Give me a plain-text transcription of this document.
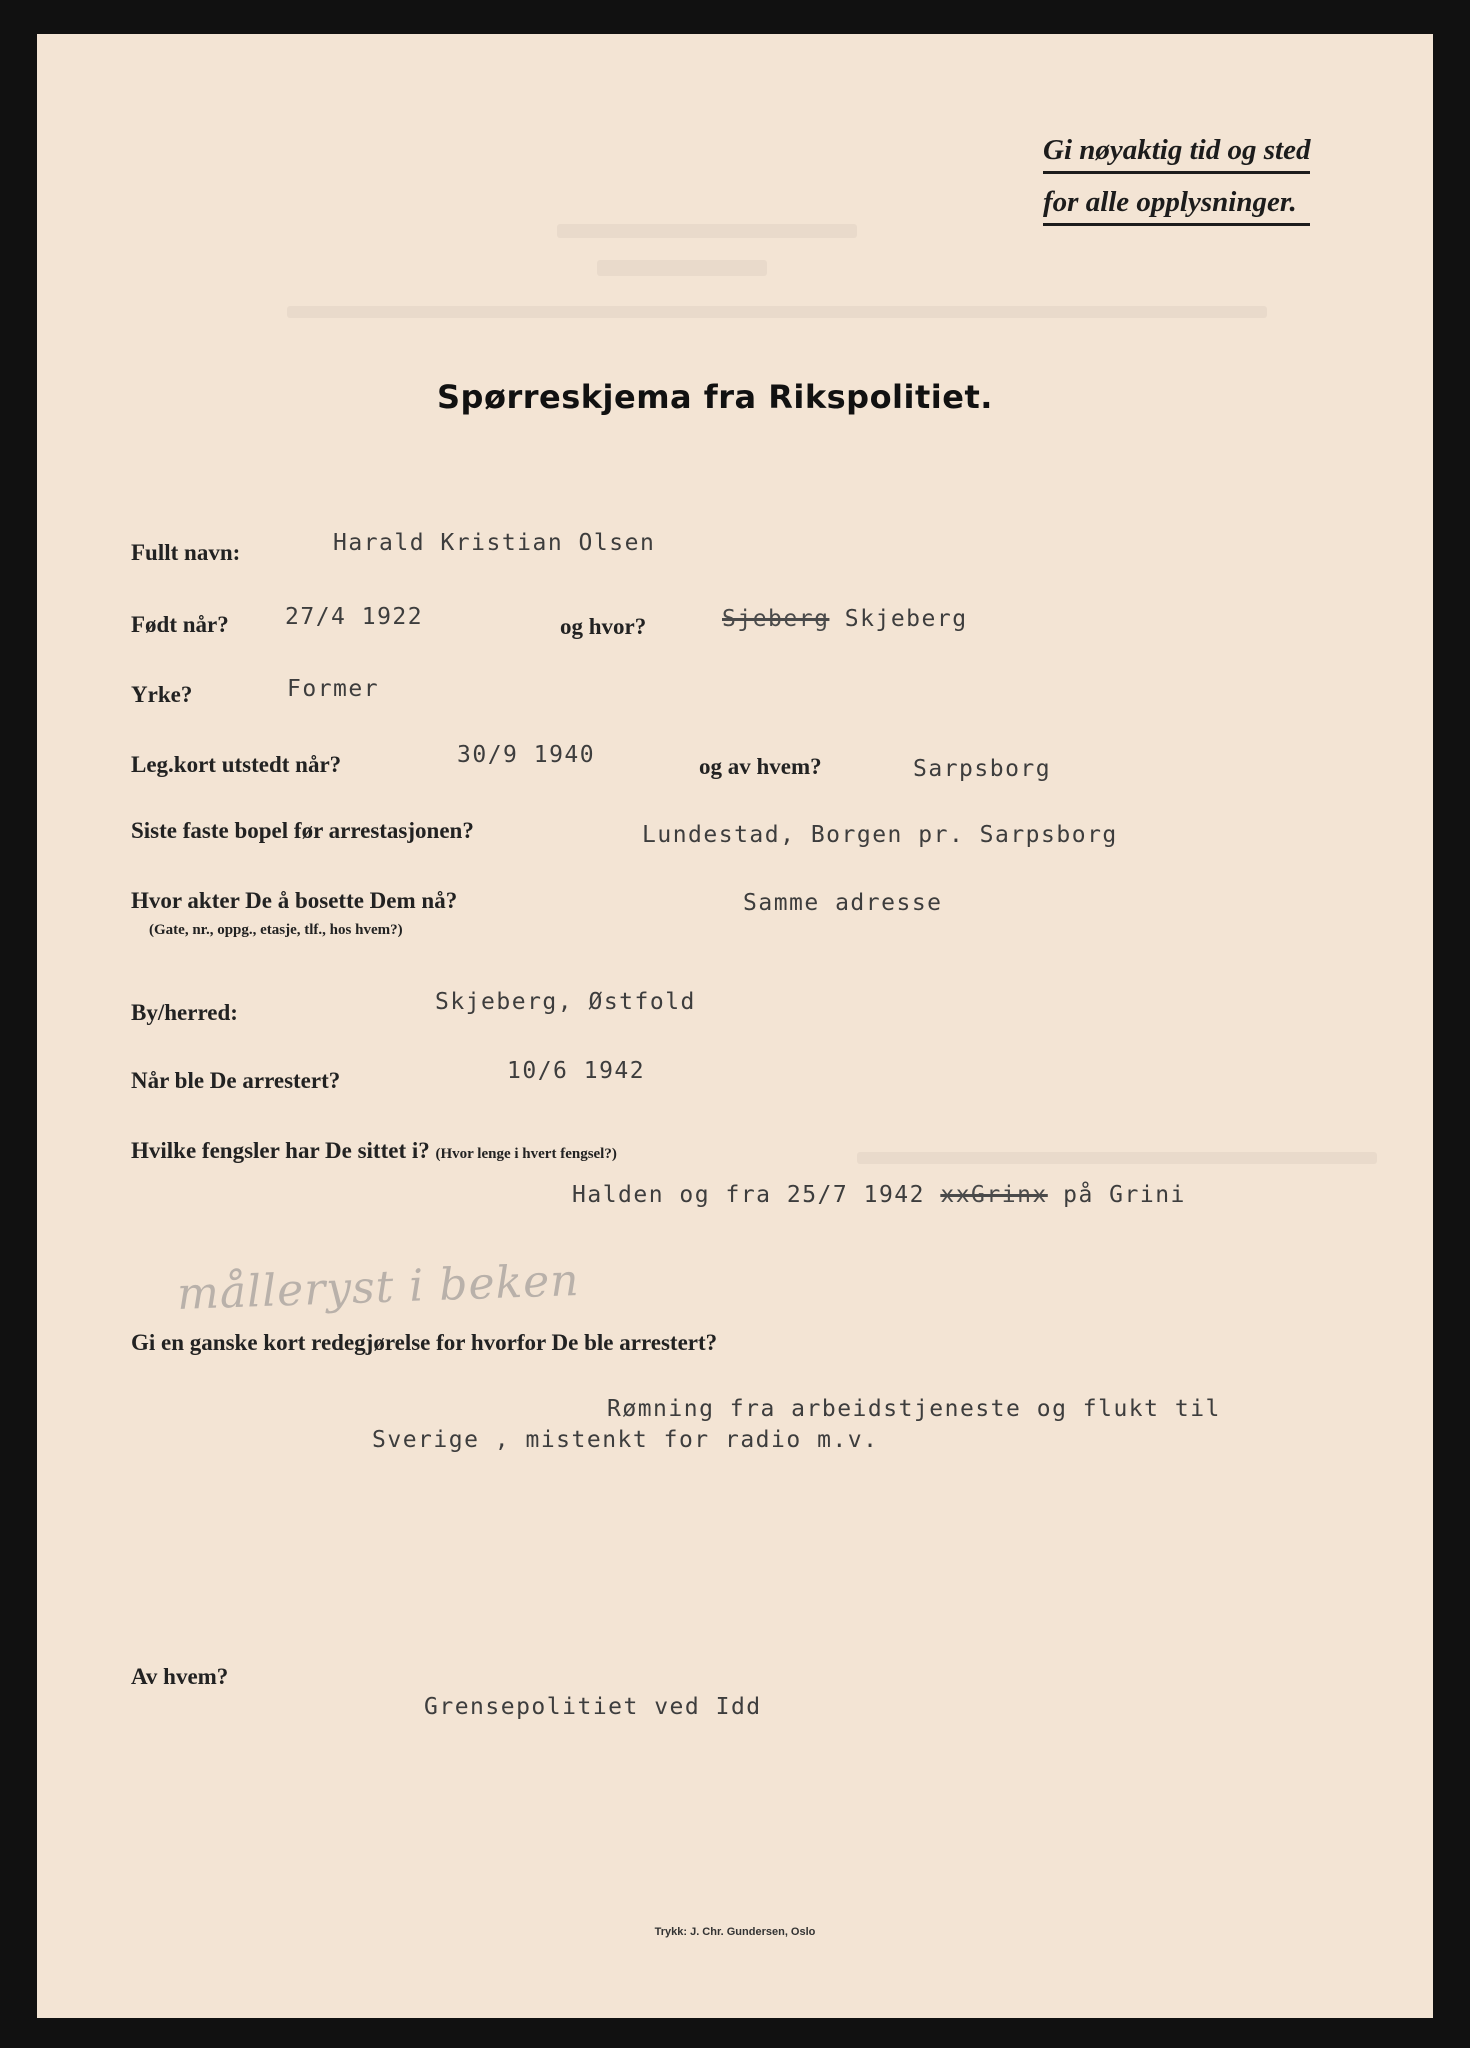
Gi nøyaktig tid og sted
for alle opplysninger.
Spørreskjema fra Rikspolitiet.
Fullt navn:	Harald Kristian Olsen
Født når? 27/4 1922	og hvor?	Sjeberg Skjeberg
Yrke?	Former
Leg.kort utstedt når?	30/9 1940	og av hvem?	Sarpsborg
Siste faste bopel før arrestasjonen?	Lundestad, Borgen pr. Sarpsborg
Hvor akter De å bosette Dem nå?
(Gate, nr., oppg., etasje, tlf., hos hvem?)
Samme adresse
By/herred:	Skjeberg, Østfold
Når ble De arrestert?	10/6 1942
Hvilke fengsler har De sittet i? (Hvor lenge i hvert fengsel?)
Halden og fra 25/7 1942 xxGrinx på Grini
målleryst i beken
Gi en ganske kort redegjørelse for hvorfor De ble arrestert?
Rømning fra arbeidstjeneste og flukt til
Sverige , mistenkt for radio m.v.
Av hvem?
Grensepolitiet ved Idd
Trykk: J. Chr. Gundersen, Oslo
